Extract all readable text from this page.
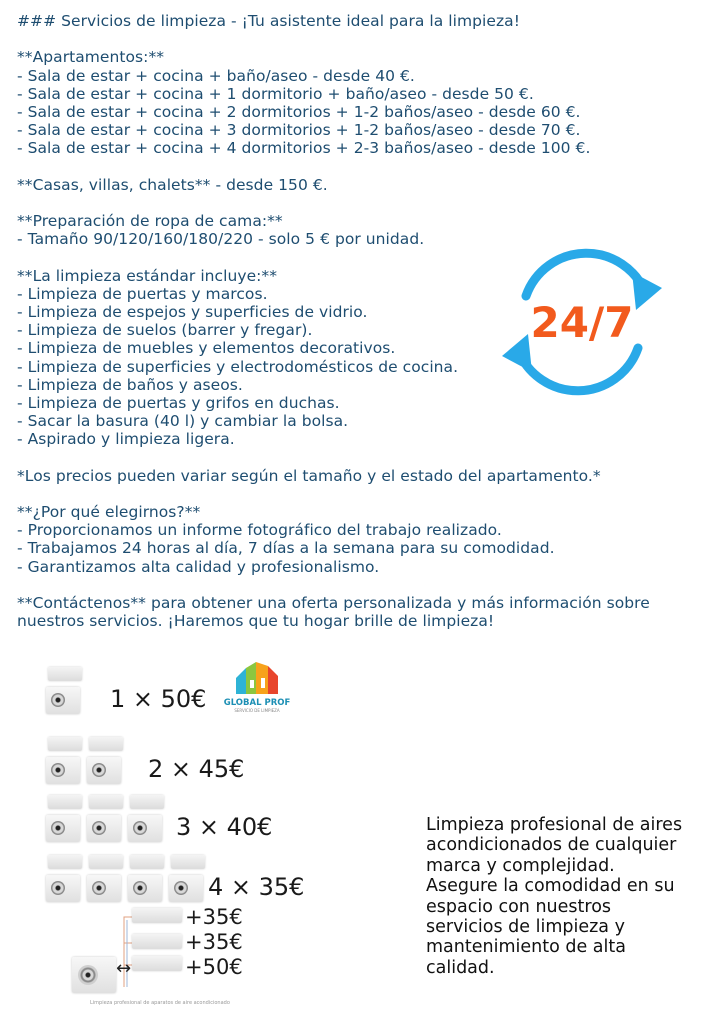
### Servicios de limpieza - ¡Tu asistente ideal para la limpieza!
**Apartamentos:**
- Sala de estar + cocina + baño/aseo - desde 40 €.
- Sala de estar + cocina + 1 dormitorio + baño/aseo - desde 50 €.
- Sala de estar + cocina + 2 dormitorios + 1-2 baños/aseo - desde 60 €.
- Sala de estar + cocina + 3 dormitorios + 1-2 baños/aseo - desde 70 €.
- Sala de estar + cocina + 4 dormitorios + 2-3 baños/aseo - desde 100 €.
**Casas, villas, chalets** - desde 150 €.
**Preparación de ropa de cama:**
- Tamaño 90/120/160/180/220 - solo 5 € por unidad.
**La limpieza estándar incluye:**
- Limpieza de puertas y marcos.
- Limpieza de espejos y superficies de vidrio.
- Limpieza de suelos (barrer y fregar).
- Limpieza de muebles y elementos decorativos.
- Limpieza de superficies y electrodomésticos de cocina.
- Limpieza de baños y aseos.
- Limpieza de puertas y grifos en duchas.
- Sacar la basura (40 l) y cambiar la bolsa.
- Aspirado y limpieza ligera.
*Los precios pueden variar según el tamaño y el estado del apartamento.*
**¿Por qué elegirnos?**
- Proporcionamos un informe fotográfico del trabajo realizado.
- Trabajamos 24 horas al día, 7 días a la semana para su comodidad.
- Garantizamos alta calidad y profesionalismo.
**Contáctenos** para obtener una oferta personalizada y más información sobre
nuestros servicios. ¡Haremos que tu hogar brille de limpieza!
24/7
GLOBAL PROF
SERVICIO DE LIMPIEZA
1 × 50€
2 × 45€
3 × 40€
4 × 35€
↔
+35€
+35€
+50€
Limpieza profesional de aparatos de aire acondicionado
Limpieza profesional de aires acondicionados de cualquier marca y complejidad. Asegure la comodidad en su espacio con nuestros servicios de limpieza y mantenimiento de alta calidad.
